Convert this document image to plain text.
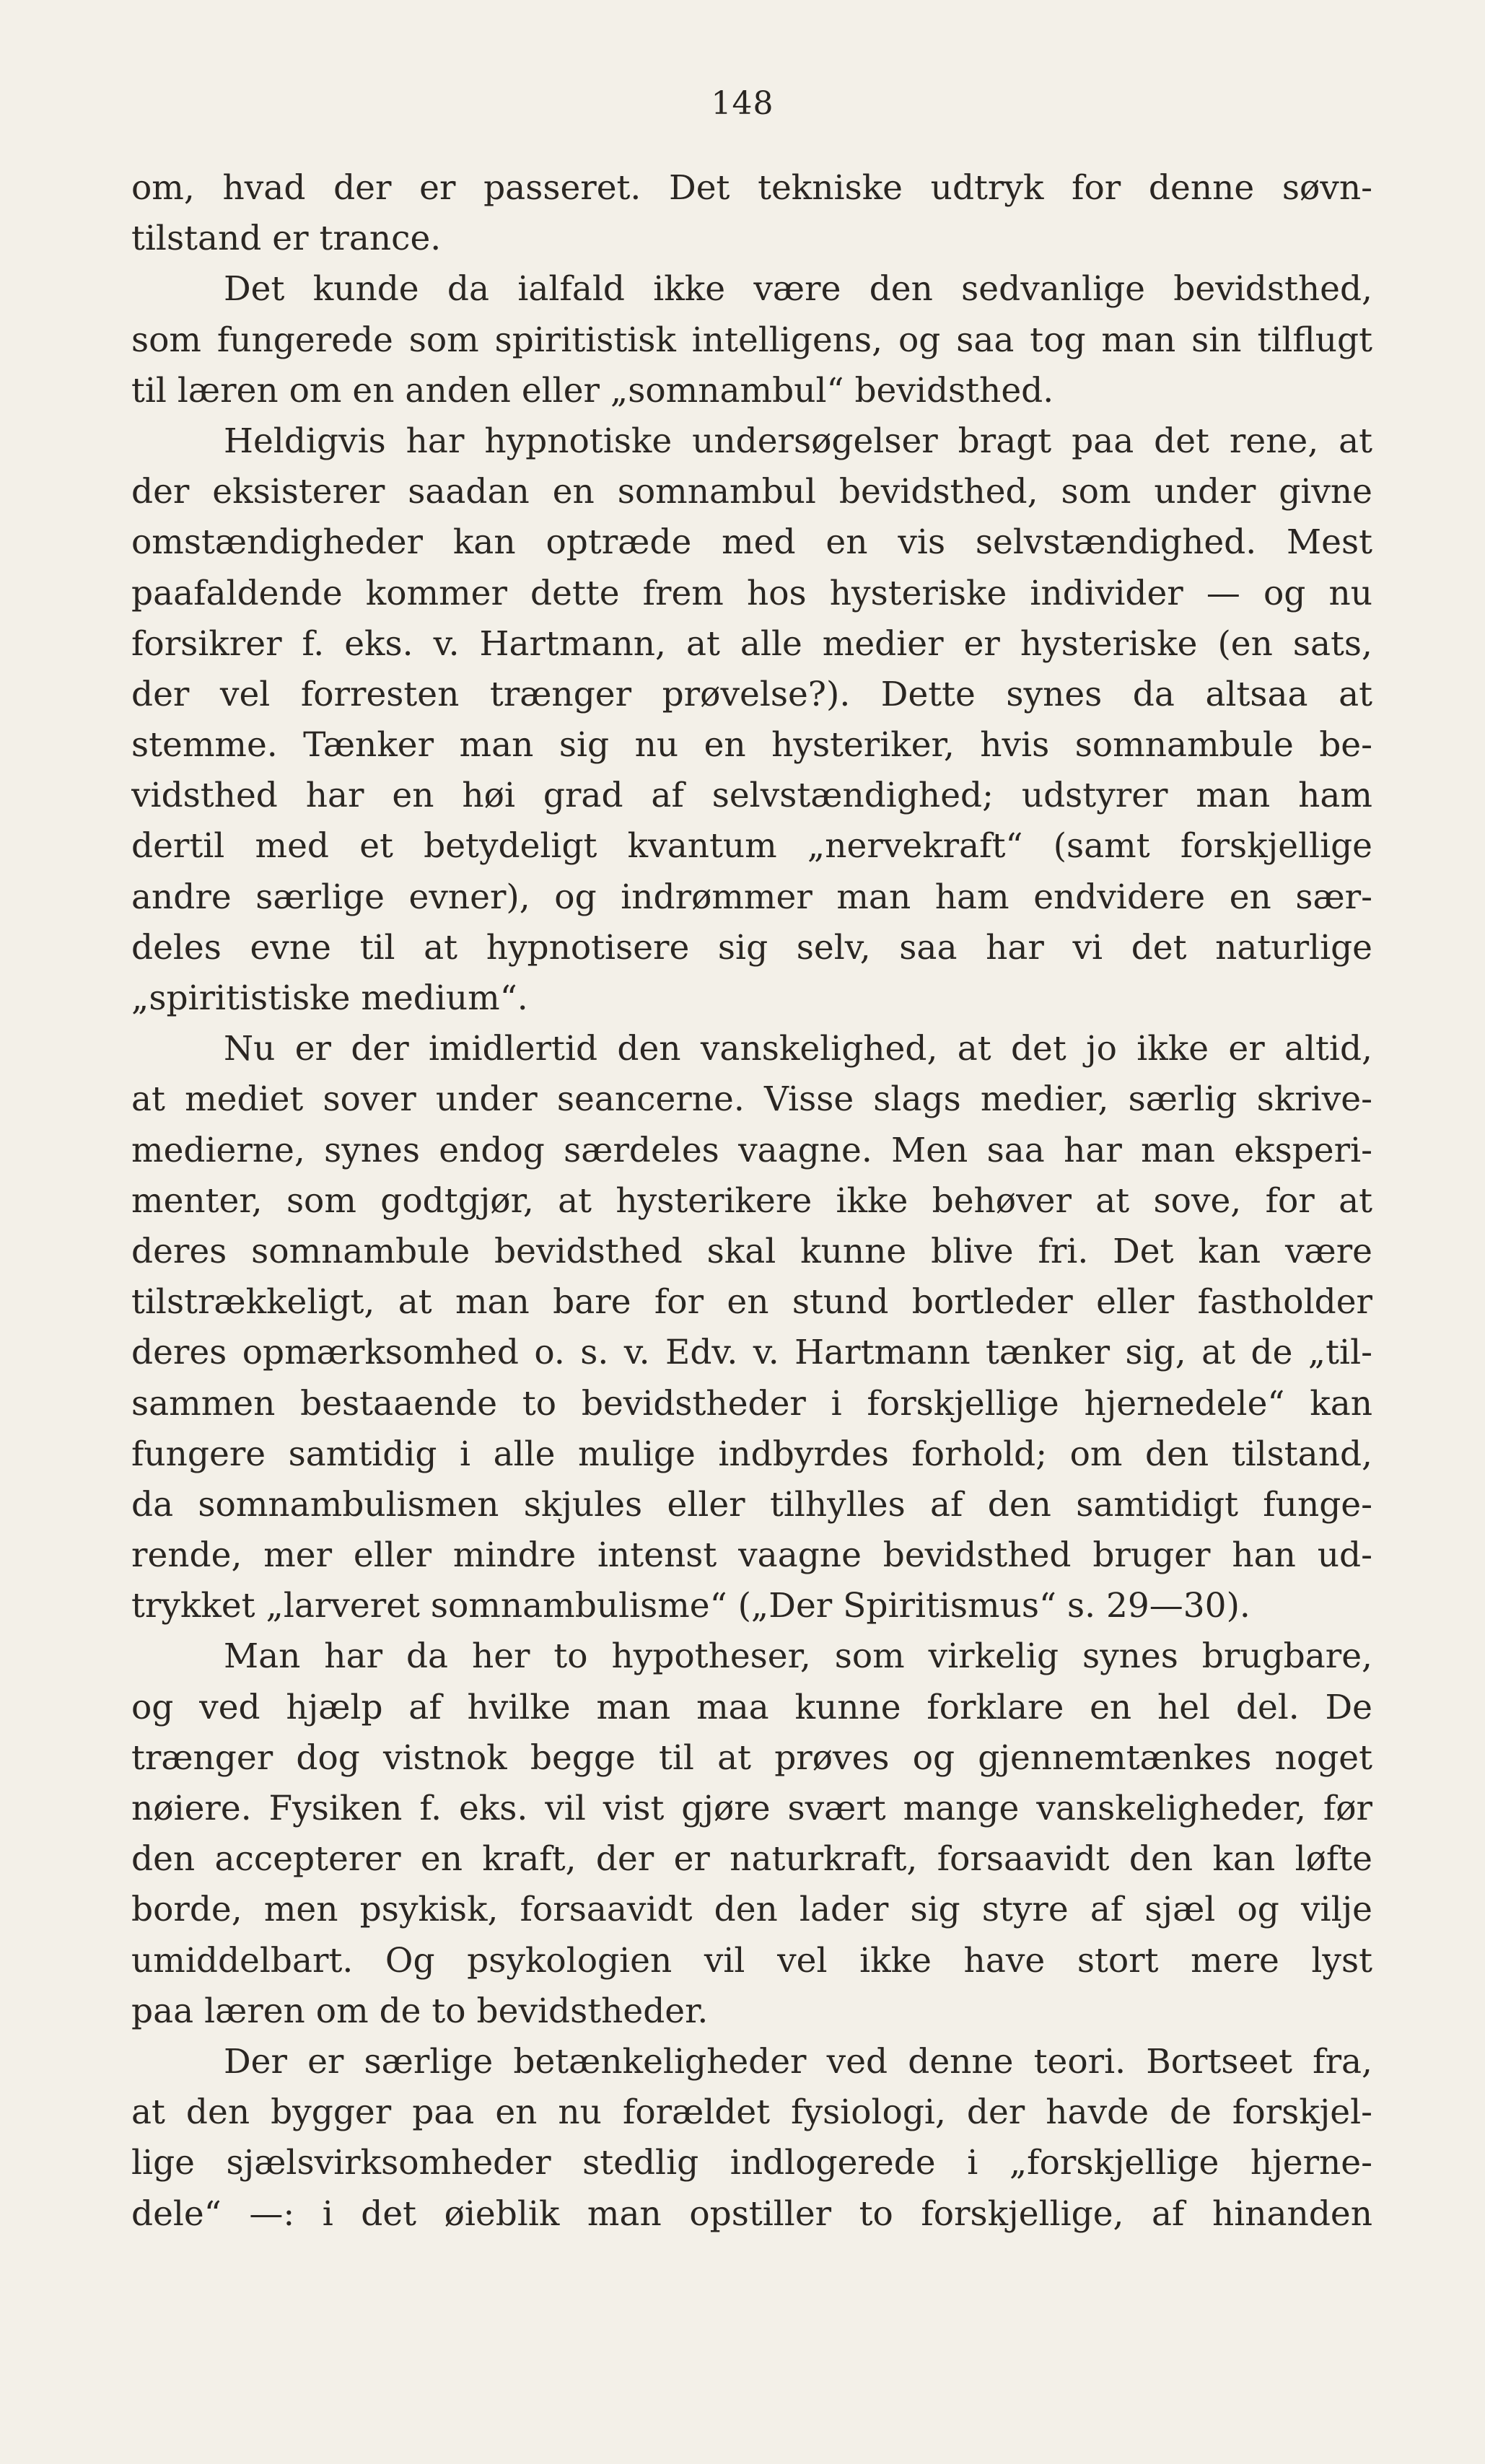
148
om, hvad der er passeret. Det tekniske udtryk for denne søvn-
tilstand er trance.
Det kunde da ialfald ikke være den sedvanlige bevidsthed,
som fungerede som spiritistisk intelligens, og saa tog man sin tilflugt
til læren om en anden eller „somnambul“ bevidsthed.
Heldigvis har hypnotiske undersøgelser bragt paa det rene, at
der eksisterer saadan en somnambul bevidsthed, som under givne
omstændigheder kan optræde med en vis selvstændighed. Mest
paafaldende kommer dette frem hos hysteriske individer — og nu
forsikrer f. eks. v. Hartmann, at alle medier er hysteriske (en sats,
der vel forresten trænger prøvelse?). Dette synes da altsaa at
stemme. Tænker man sig nu en hysteriker, hvis somnambule be-
vidsthed har en høi grad af selvstændighed; udstyrer man ham
dertil med et betydeligt kvantum „nervekraft“ (samt forskjellige
andre særlige evner), og indrømmer man ham endvidere en sær-
deles evne til at hypnotisere sig selv, saa har vi det naturlige
„spiritistiske medium“.
Nu er der imidlertid den vanskelighed, at det jo ikke er altid,
at mediet sover under seancerne. Visse slags medier, særlig skrive-
medierne, synes endog særdeles vaagne. Men saa har man eksperi-
menter, som godtgjør, at hysterikere ikke behøver at sove, for at
deres somnambule bevidsthed skal kunne blive fri. Det kan være
tilstrækkeligt, at man bare for en stund bortleder eller fastholder
deres opmærksomhed o. s. v. Edv. v. Hartmann tænker sig, at de „til-
sammen bestaaende to bevidstheder i forskjellige hjernedele“ kan
fungere samtidig i alle mulige indbyrdes forhold; om den tilstand,
da somnambulismen skjules eller tilhylles af den samtidigt funge-
rende, mer eller mindre intenst vaagne bevidsthed bruger han ud-
trykket „larveret somnambulisme“ („Der Spiritismus“ s. 29—30).
Man har da her to hypotheser, som virkelig synes brugbare,
og ved hjælp af hvilke man maa kunne forklare en hel del. De
trænger dog vistnok begge til at prøves og gjennemtænkes noget
nøiere. Fysiken f. eks. vil vist gjøre svært mange vanskeligheder, før
den accepterer en kraft, der er naturkraft, forsaavidt den kan løfte
borde, men psykisk, forsaavidt den lader sig styre af sjæl og vilje
umiddelbart. Og psykologien vil vel ikke have stort mere lyst
paa læren om de to bevidstheder.
Der er særlige betænkeligheder ved denne teori. Bortseet fra,
at den bygger paa en nu forældet fysiologi, der havde de forskjel-
lige sjælsvirksomheder stedlig indlogerede i „forskjellige hjerne-
dele“ —: i det øieblik man opstiller to forskjellige, af hinanden
